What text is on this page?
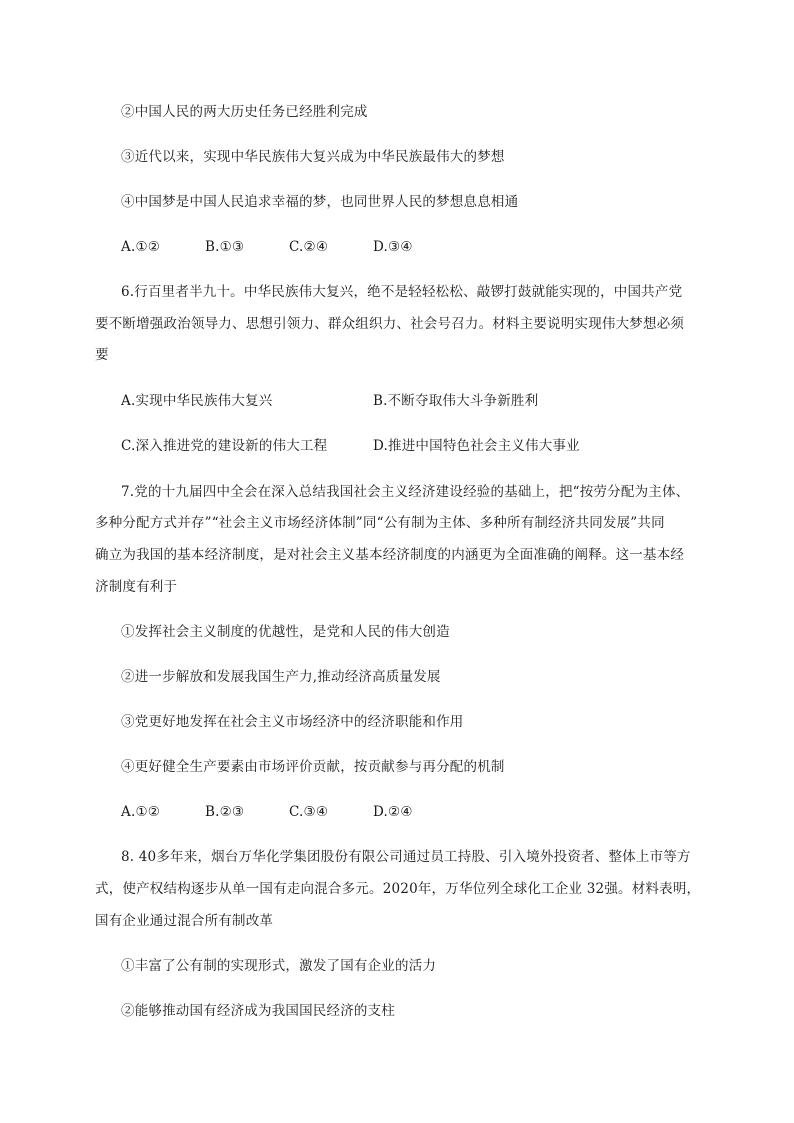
②中国人民的两大历史任务已经胜利完成
③近代以来，实现中华民族伟大复兴成为中华民族最伟大的梦想
④中国梦是中国人民追求幸福的梦，也同世界人民的梦想息息相通
A.①②	B.①③	C.②④	D.③④
6.行百里者半九十。中华民族伟大复兴，绝不是轻轻松松、敲锣打鼓就能实现的，中国共产党
要不断增强政治领导力、思想引领力、群众组织力、社会号召力。材料主要说明实现伟大梦想必须
要
A.实现中华民族伟大复兴	B.不断夺取伟大斗争新胜利
C.深入推进党的建设新的伟大工程	D.推进中国特色社会主义伟大事业
7.党的十九届四中全会在深入总结我国社会主义经济建设经验的基础上，把“按劳分配为主体、
多种分配方式并存”“社会主义市场经济体制”同“公有制为主体、多种所有制经济共同发展”共同
确立为我国的基本经济制度，是对社会主义基本经济制度的内涵更为全面准确的阐释。这一基本经
济制度有利于
①发挥社会主义制度的优越性，是党和人民的伟大创造
②进一步解放和发展我国生产力,推动经济高质量发展
③党更好地发挥在社会主义市场经济中的经济职能和作用
④更好健全生产要素由市场评价贡献，按贡献参与再分配的机制
A.①②	B.②③	C.③④	D.②④
8. 40多年来，烟台万华化学集团股份有限公司通过员工持股、引入境外投资者、整体上市等方
式，使产权结构逐步从单一国有走向混合多元。2020年，万华位列全球化工企业 32强。材料表明，
国有企业通过混合所有制改革
①丰富了公有制的实现形式，激发了国有企业的活力
②能够推动国有经济成为我国国民经济的支柱
